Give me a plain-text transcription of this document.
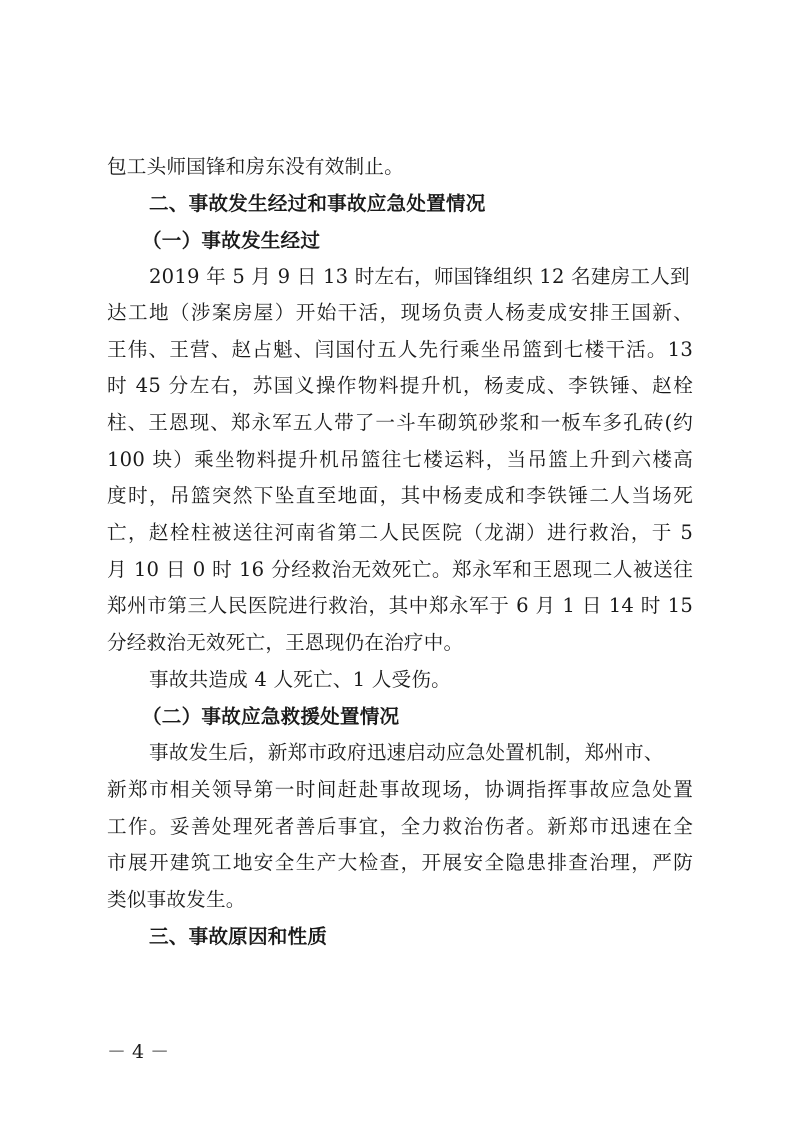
包工头师国锋和房东没有效制止。
二、事故发生经过和事故应急处置情况
（一）事故发生经过
2019 年 5 月 9 日 13 时左右，师国锋组织 12 名建房工人到
达工地（涉案房屋）开始干活，现场负责人杨麦成安排王国新、
王伟、王营、赵占魁、闫国付五人先行乘坐吊篮到七楼干活。13
时 45 分左右，苏国义操作物料提升机，杨麦成、李铁锤、赵栓
柱、王恩现、郑永军五人带了一斗车砌筑砂浆和一板车多孔砖(约
100 块）乘坐物料提升机吊篮往七楼运料，当吊篮上升到六楼高
度时，吊篮突然下坠直至地面，其中杨麦成和李铁锤二人当场死
亡，赵栓柱被送往河南省第二人民医院（龙湖）进行救治，于 5
月 10 日 0 时 16 分经救治无效死亡。郑永军和王恩现二人被送往
郑州市第三人民医院进行救治，其中郑永军于 6 月 1 日 14 时 15
分经救治无效死亡，王恩现仍在治疗中。
事故共造成 4 人死亡、1 人受伤。
（二）事故应急救援处置情况
事故发生后，新郑市政府迅速启动应急处置机制，郑州市、
新郑市相关领导第一时间赶赴事故现场，协调指挥事故应急处置
工作。妥善处理死者善后事宜，全力救治伤者。新郑市迅速在全
市展开建筑工地安全生产大检查，开展安全隐患排查治理，严防
类似事故发生。
三、事故原因和性质
－ 4 －
